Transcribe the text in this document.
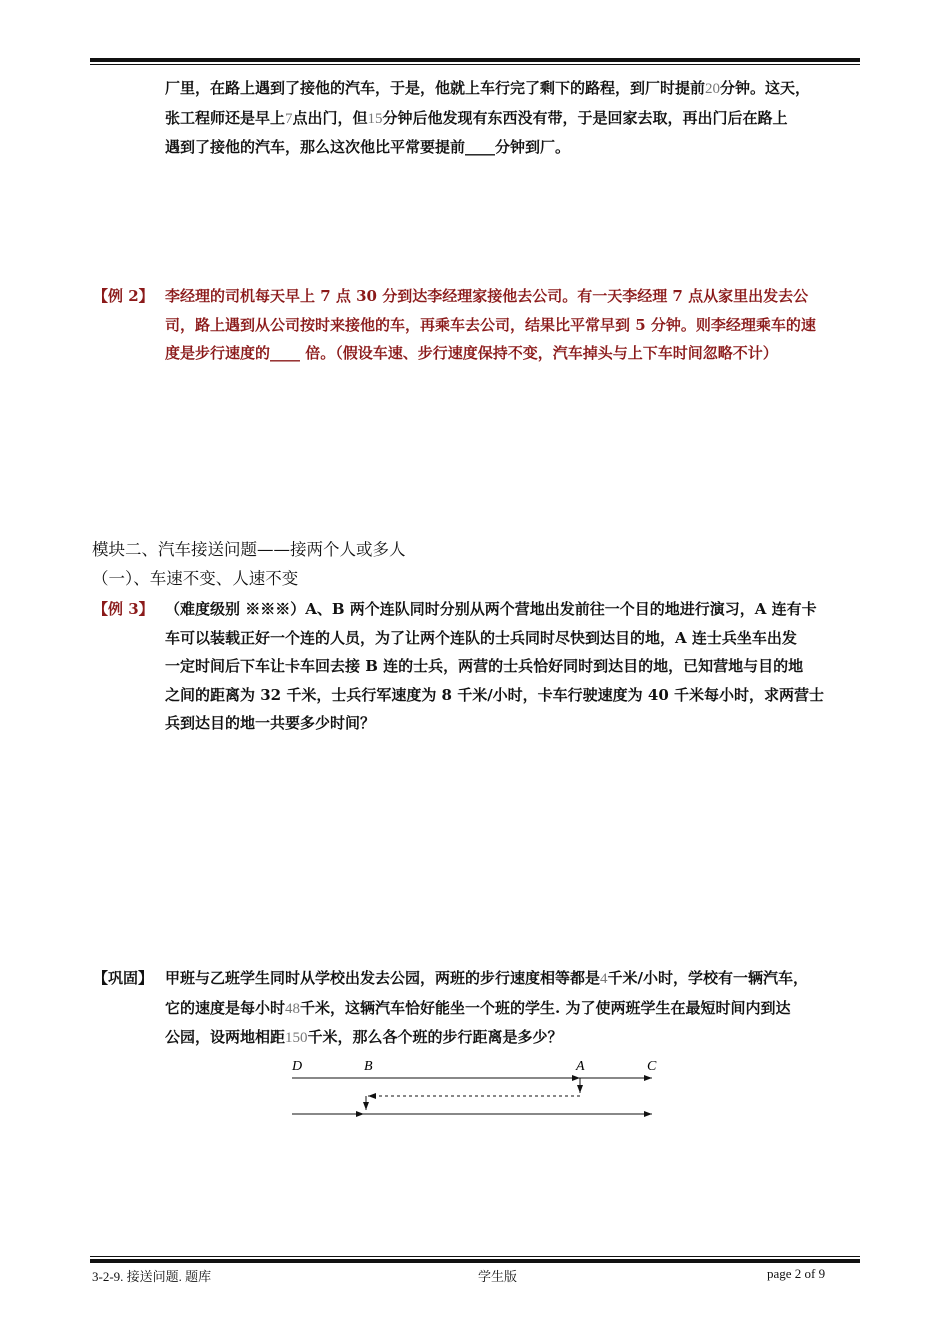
厂里，在路上遇到了接他的汽车，于是，他就上车行完了剩下的路程，到厂时提前20分钟。这天，
张工程师还是早上7点出门，但15分钟后他发现有东西没有带，于是回家去取，再出门后在路上
遇到了接他的汽车，那么这次他比平常要提前____分钟到厂。
【例 2】 李经理的司机每天早上 7 点 30 分到达李经理家接他去公司。有一天李经理 7 点从家里出发去公
司，路上遇到从公司按时来接他的车，再乘车去公司，结果比平常早到 5 分钟。则李经理乘车的速
度是步行速度的____ 倍。（假设车速、步行速度保持不变，汽车掉头与上下车时间忽略不计）
模块二、汽车接送问题——接两个人或多人
（一）、车速不变、人速不变
【例 3】 （难度级别 ※※※）A、B 两个连队同时分别从两个营地出发前往一个目的地进行演习，A 连有卡
车可以装载正好一个连的人员，为了让两个连队的士兵同时尽快到达目的地，A 连士兵坐车出发
一定时间后下车让卡车回去接 B 连的士兵，两营的士兵恰好同时到达目的地，已知营地与目的地
之间的距离为 32 千米，士兵行军速度为 8 千米/小时，卡车行驶速度为 40 千米每小时，求两营士
兵到达目的地一共要多少时间？
【巩固】 甲班与乙班学生同时从学校出发去公园，两班的步行速度相等都是4千米/小时，学校有一辆汽车，
它的速度是每小时48千米，这辆汽车恰好能坐一个班的学生. 为了使两班学生在最短时间内到达
公园，设两地相距150千米，那么各个班的步行距离是多少？
D	B	A	C
3-2-9. 接送问题. 题库	学生版	page 2 of 9
